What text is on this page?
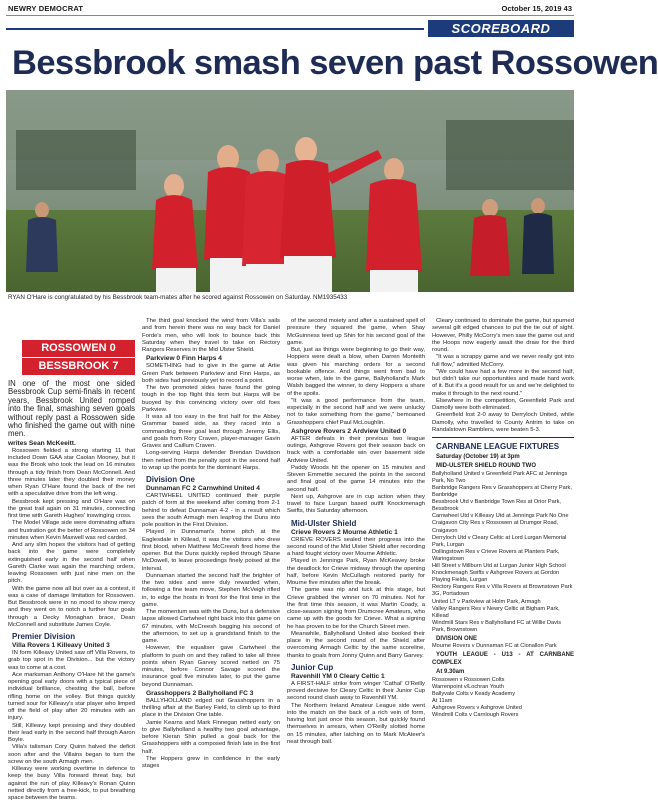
NEWRY DEMOCRAT	October 15, 2019 43
SCOREBOARD
Bessbrook smash seven past Rossowen
RYAN O'Hare is congratulated by his Bessbrook team-mates after he scored against Rossowen on Saturday. NM1935433
ROSSOWEN 0
BESSBROOK 7

IN one of the most one sided Bessbrook Cup semi-finals in recent years, Bessbrook United romped into the final, smashing seven goals without reply past a Rossowen side who finished the game out with nine men.

writes Sean McKeeitt.

Rossowen fielded a strong starting 11 that included Down GAA star Caolan Mooney, but it was the Brook who took the lead on 16 minutes through a tidy finish from Dean McConnell. And three minutes later they doubled their money when Ryan O'Hare found the back of the net with a speculative drive from the left wing.

Bessbrook kept pressing and O'Hare was on the great trail again on 31 minutes, connecting first time with Gareth Hughes' inswinging cross.

The Model Village side were dominating affairs and frustration got the better of Rossowen on 34 minutes when Kevin Maxwell was red carded.

And any slim hopes the visitors had of getting back into the game were completely extinguished early in the second half when Gareth Clarke was again the marching orders, leaving Rossowen with just nine men on the pitch.

With the game now all but over as a contest, it was a case of damage limitation for Rossowen. But Bessbrook were in no mood to show mercy and they went on to notch a further four goals through a Decky Monaghan brace, Dean McConnell and substitute James Coyle.

Premier Division

Villa Rovers 1 Killeavy United 3

IN form Killeavy United saw off Villa Rovers, to grab top spot in the Division... but the victory was to come at a cost.

Ace marksman Anthony O'Hare hit the game's opening goal early doors with a typical piece of individual brilliance, chesting the ball, before rifling home on the volley. But things quickly turned sour for Killeavy's star player who limped off the field of play after 20 minutes with an injury.

Still, Killeavy kept pressing and they doubled their lead early in the second half through Aaron Boyle.

Villa's talisman Cory Quinn halved the deficit soon after and the Villains began to turn the screw on the south Armagh men.

Killeavy were working overtime in defence to keep the busy Villa forward threat bay, but against the run of play Killeavy's Ronan Quinn netted directly from a free-kick, to put breathing space between the teams.

The third goal knocked the wind from Villa's sails and from herein there was no way back for Daniel Forde's men, who will look to bounce back this Saturday when they travel to take on Rectory Rangers Reserves in the Mid Ulster Shield.

Parkview 0 Finn Harps 4

SOMETHING had to give in the game at Artie Green Park between Parkview and Finn Harps, as both sides had previously yet to record a point.

The two promoted sides have found the going tough in the top flight this term but Harps will be buoyed by this convincing victory over old foes Parkview.

It was all too easy in the first half for the Abbey Grammar based side, as they raced into a commanding three goal lead through Jeremy Ellis, and goals from Rory Craven, player-manager Gavin Graves and Caillum Craven.

Long-serving Harps defender Brendan Davidson then netted from the penalty spot in the second half to wrap up the points for the dominant Harps.

Division One

Dunnaman FC 2 Carnwhind United 4

CARTWHEEL UNITED continued their purple patch of form at the weekend after coming from 2-1 behind to defeat Dunnaman 4-2 - in a result which sees the south Armagh men leapfrog the Duns into pole position in the First Division.

Played in Dunnaman's home pitch at the Eaglesdale in Killead, it was the visitors who drew first blood, when Matthew McCreesh fired home the opener. But the Duns quickly replied through Shane McDowell, to leave proceedings finely poised at the interval.

Dunnaman started the second half the brighter of the two sides and were duly rewarded when, following a fine team move, Stephen McVeigh rifled in, to edge the hosts in front for the first time in the game.

The momentum was with the Duns, but a defensive lapse allowed Cartwheel right back into this game on 67 minutes, with McCreesh bagging his second of the afternoon, to set up a grandstand finish to the game.

However, the equaliser gave Cartwheel the platform to push on and they rallied to take all three points when Ryan Garvey scored netted on 75 minutes, before Connor Savage scored the insurance goal five minutes later, to put the game beyond Dunnaman.

Grasshoppers 2 Ballyholland FC 3

BALLYHOLLAND edged out Grasshoppers in a thrilling affair at the Barley Field, to climb up to third place in the Division One table.

Jamie Kearns and Mark Finnegan netted early on to give Ballyholland a healthy two goal advantage, before Kieran Shin pulled a goal back for the Grasshoppers with a composed finish late in the first half.

The Hoppers grew in confidence in the early stages

of the second moiety and after a sustained spell of pressure they squared the game, when Shay McGuinness teed up Shin for his second goal of the game.

But, just as things were beginning to go their way, Hoppers were dealt a blow, when Darren Monteith was given his marching orders for a second bookable offence. And things went from bad to worse when, late in the game, Ballyholland's Mark Walsh bagged the winner, to deny Hoppers a share of the spoils.

"It was a good performance from the team, especially in the second half and we were unlucky not to take something from the game," bemoaned Grasshoppers chief Paul McLoughlin.

Ashgrove Rovers 2 Ardview United 0

AFTER defeats in their previous two league outings, Ashgrove Rovers got their season back on track with a comfortable win over basement side Ardview United.

Paddy Woods hit the opener on 15 minutes and Steven Emmettie secured the points in the second and final goal of the game 14 minutes into the second half.

Next up, Ashgrove are in cup action when they travel to face Lurgan based outfit Knockmenagh Swifts, this Saturday afternoon.

Mid-Ulster Shield

Crieve Rovers 2 Mourne Athletic 1

CRIEVE ROVERS sealed their progress into the second round of the Mid Ulster Shield after recording a hard fought victory over Mourne Athletic.

Played in Jennings Park, Ryan McKeavey broke the deadlock for Crieve midway through the opening half, before Kevin McCullagh restored parity for Mourne five minutes after the break.

The game was nip and tuck at this stage, but Crieve grabbed the winner on 70 minutes. Not for the first time this season, it was Martin Coady, a close-season signing from Drumcree Amateurs, who came up with the goods for Crieve. What a signing he has proven to be for the Church Street men.

Meanwhile, Ballyholland United also booked their place in the second round of the Shield after overcoming Armagh Celtic by the same scoreline, thanks to goals from Jonny Quinn and Barry Garvey.

Junior Cup

Ravenhill YM 0 Cleary Celtic 1

A FIRST-HALF strike from winger 'Cathal' O'Reilly proved decisive for Cleary Celtic in their Junior Cup second round clash away to Ravenhill YM.

The Northern Ireland Amateur League side went into the match on the back of a rich vein of form, having lost just once this season, but quickly found themselves in arrears, when O'Reilly slotted home on 15 minutes, after latching on to Mark McAteer's neat through ball.

Cleary continued to dominate the game, but spurned several gilt edged chances to put the tie out of sight. However, Philly McCorry's men saw the game out and the Hoops now eagerly await the draw for the third round.

"It was a scrappy game and we never really got into full flow," admitted McCorry.

"We could have had a few more in the second half, but didn't take our opportunities and made hard work of it. But it's a good result for us and we're delighted to make it through to the next round."

Elsewhere in the competition, Greenfield Park and Damolly were both eliminated.

Greenfield lost 2-0 away to Derryloch United, while Damolly, who travelled to County Antrim to take on Randalstown Ramblers, were beaten 5-3.

CARNBANE LEAGUE FIXTURES

Saturday (October 19) at 3pm

MID-ULSTER SHIELD ROUND TWO

Ballyholland United v Greenfield Park AFC at Jennings Park, No Two

Banbridge Rangers Res v Grasshoppers at Cherry Park, Banbridge

Bessbrook Utd v Banbridge Town Res at Orior Park, Bessbrook

Carnwheel Utd v Killeavy Utd at Jennings Park No One

Craigavon City Res v Rossowen at Drumgor Road, Craigavon

Derryloch Utd v Cleary Celtic at Lord Lurgan Memorial Park, Lurgan

Dollingstown Res v Crieve Rovers at Planters Park, Waringstown

Hill Street v Millburn Utd at Lurgan Junior High School

Knockmenagh Swifts v Ashgrove Rovers at Gordon Playing Fields, Lurgan

Rectory Rangers Res v Villa Rovers at Brownstown Park 3G, Portadown

United LT v Parkview at Holm Park, Armagh

Valley Rangers Res v Newry Celtic at Bigham Park, Killead

Windmill Stars Res v Ballyholland FC at Willie Davis Park, Brownstown

DIVISION ONE

Mourne Rovers v Dunnaman FC at Clonallon Park

YOUTH LEAGUE - U13 - AT CARNBANE COMPLEX

At 9.30am

Rossowen v Rossowen Colts

Warrenpoint v/Lochran Youth

Ballyvale Colts v Keady Academy

At 11am

Ashgrove Rovers v Ashgrove United

Windmill Colts v Carnlough Rovers
